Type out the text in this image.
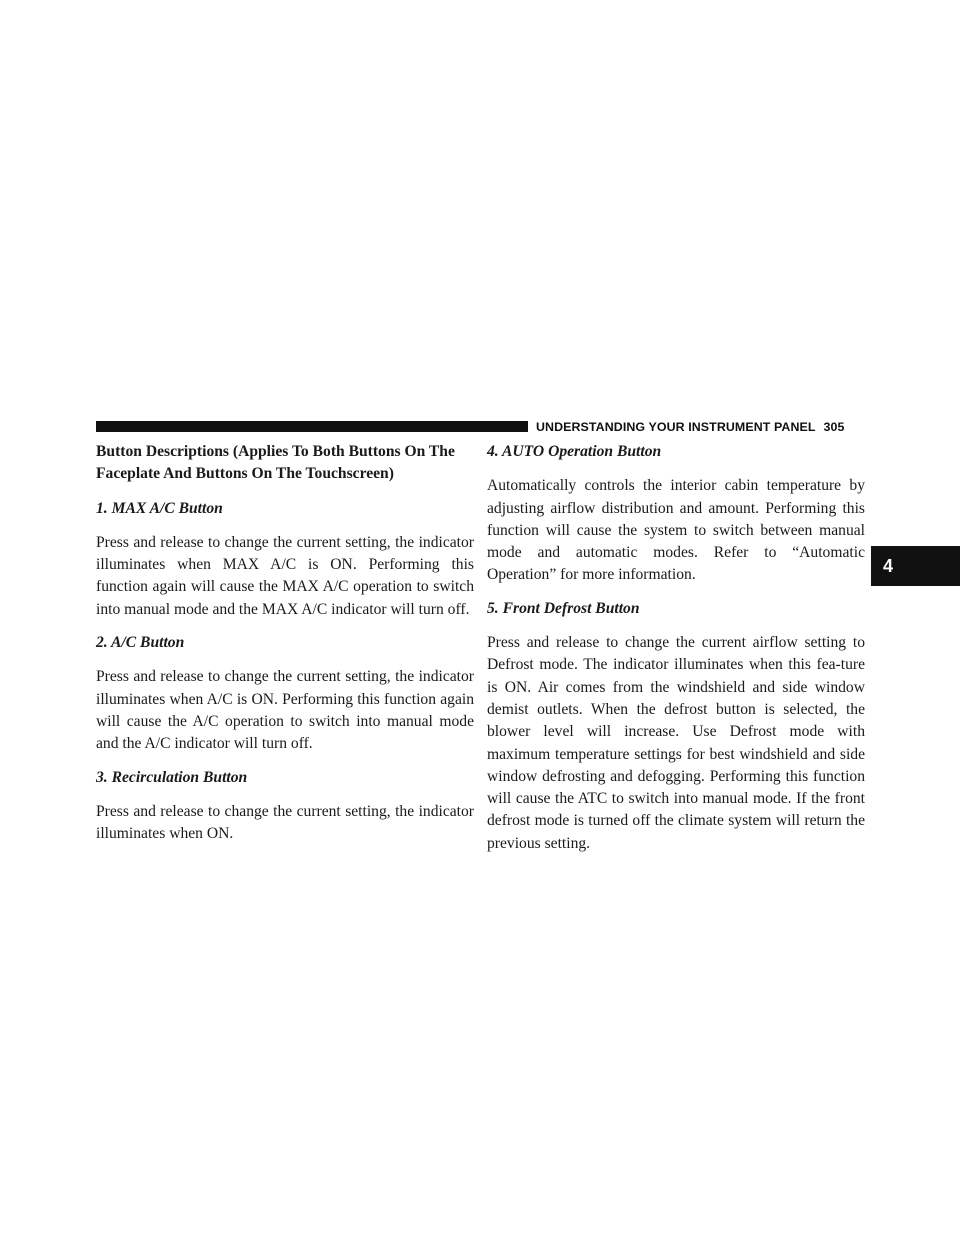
UNDERSTANDING YOUR INSTRUMENT PANEL 305
4

Button Descriptions (Applies To Both Buttons On The Faceplate And Buttons On The Touchscreen)

1. MAX A/C Button

Press and release to change the current setting, the indicator illuminates when MAX A/C is ON. Performing this function again will cause the MAX A/C operation to switch into manual mode and the MAX A/C indicator will turn off.

2. A/C Button

Press and release to change the current setting, the indicator illuminates when A/C is ON. Performing this function again will cause the A/C operation to switch into manual mode and the A/C indicator will turn off.

3. Recirculation Button

Press and release to change the current setting, the indicator illuminates when ON.

4. AUTO Operation Button

Automatically controls the interior cabin temperature by adjusting airflow distribution and amount. Performing this function will cause the system to switch between manual mode and automatic modes. Refer to “Automatic Operation” for more information.

5. Front Defrost Button

Press and release to change the current airflow setting to Defrost mode. The indicator illuminates when this fea-ture is ON. Air comes from the windshield and side window demist outlets. When the defrost button is selected, the blower level will increase. Use Defrost mode with maximum temperature settings for best windshield and side window defrosting and defogging. Performing this function will cause the ATC to switch into manual mode. If the front defrost mode is turned off the climate system will return the previous setting.
